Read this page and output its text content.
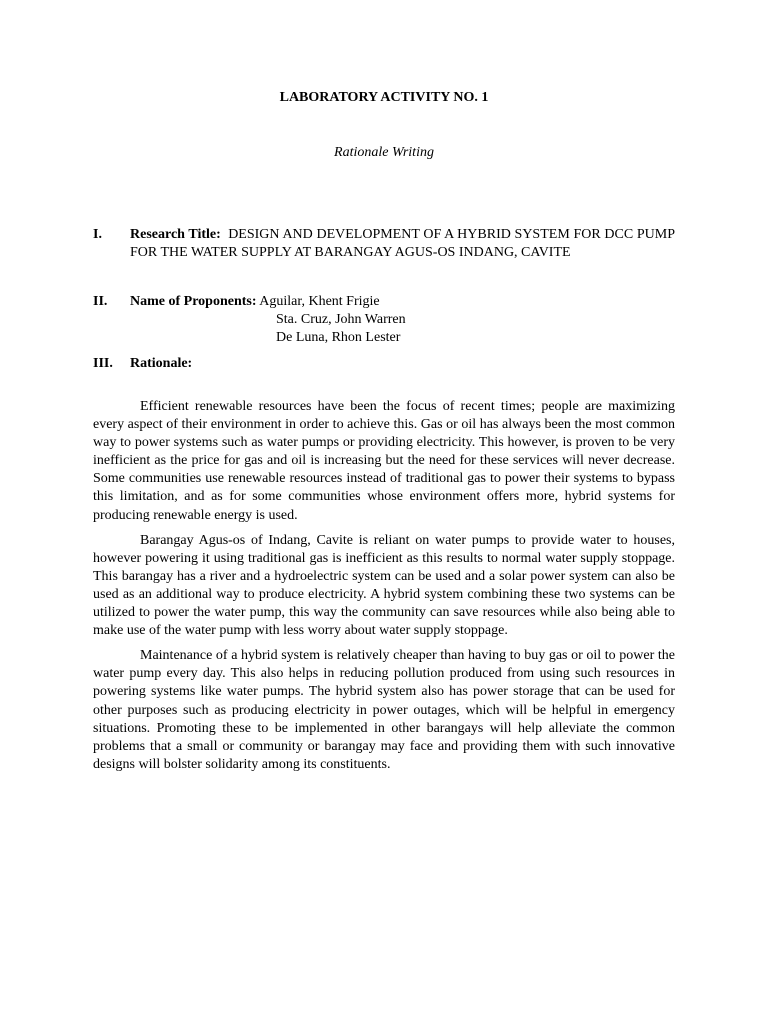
LABORATORY ACTIVITY NO. 1
Rationale Writing
I. Research Title: DESIGN AND DEVELOPMENT OF A HYBRID SYSTEM FOR DCC PUMP FOR THE WATER SUPPLY AT BARANGAY AGUS-OS INDANG, CAVITE
II. Name of Proponents: Aguilar, Khent Frigie
Sta. Cruz, John Warren
De Luna, Rhon Lester
III. Rationale:

Efficient renewable resources have been the focus of recent times; people are maximizing every aspect of their environment in order to achieve this. Gas or oil has always been the most common way to power systems such as water pumps or providing electricity. This however, is proven to be very inefficient as the price for gas and oil is increasing but the need for these services will never decrease. Some communities use renewable resources instead of traditional gas to power their systems to bypass this limitation, and as for some communities whose environment offers more, hybrid systems for producing renewable energy is used.

Barangay Agus-os of Indang, Cavite is reliant on water pumps to provide water to houses, however powering it using traditional gas is inefficient as this results to normal water supply stoppage. This barangay has a river and a hydroelectric system can be used and a solar power system can also be used as an additional way to produce electricity. A hybrid system combining these two systems can be utilized to power the water pump, this way the community can save resources while also being able to make use of the water pump with less worry about water supply stoppage.

Maintenance of a hybrid system is relatively cheaper than having to buy gas or oil to power the water pump every day. This also helps in reducing pollution produced from using such resources in powering systems like water pumps. The hybrid system also has power storage that can be used for other purposes such as producing electricity in power outages, which will be helpful in emergency situations. Promoting these to be implemented in other barangays will help alleviate the common problems that a small or community or barangay may face and providing them with such innovative designs will bolster solidarity among its constituents.
